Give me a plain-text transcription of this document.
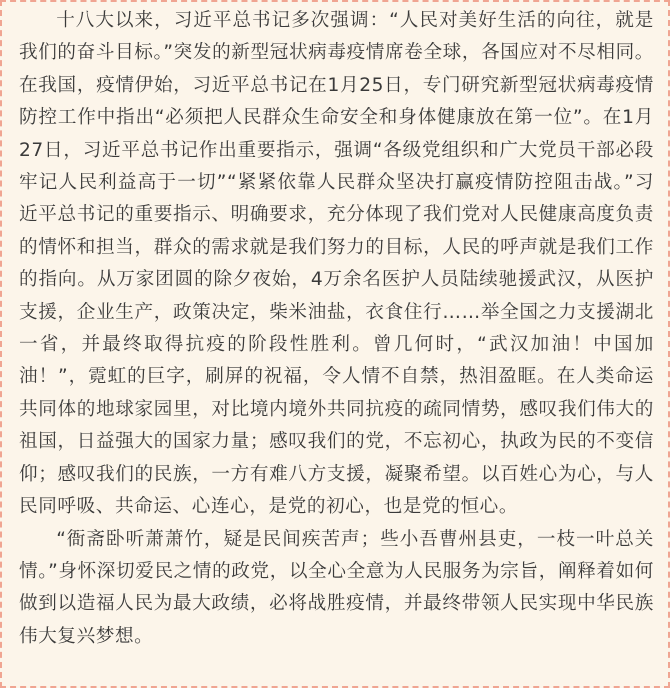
十八大以来，习近平总书记多次强调：“人民对美好生活的向往，就是我们的奋斗目标。”突发的新型冠状病毒疫情席卷全球，各国应对不尽相同。在我国，疫情伊始，习近平总书记在1月25日，专门研究新型冠状病毒疫情防控工作中指出“必须把人民群众生命安全和身体健康放在第一位”。在1月27日，习近平总书记作出重要指示，强调“各级党组织和广大党员干部必段牢记人民利益高于一切”“紧紧依靠人民群众坚决打赢疫情防控阻击战。”习近平总书记的重要指示、明确要求，充分体现了我们党对人民健康高度负责的情怀和担当，群众的需求就是我们努力的目标，人民的呼声就是我们工作的指向。从万家团圆的除夕夜始，4万余名医护人员陆续驰援武汉，从医护支援，企业生产，政策决定，柴米油盐，衣食住行……举全国之力支援湖北一省，并最终取得抗疫的阶段性胜利。曾几何时，“武汉加油！中国加油！”，霓虹的巨字，刷屏的祝福，令人情不自禁，热泪盈眶。在人类命运共同体的地球家园里，对比境内境外共同抗疫的疏同情势，感叹我们伟大的祖国，日益强大的国家力量；感叹我们的党，不忘初心，执政为民的不变信仰；感叹我们的民族，一方有难八方支援，凝聚希望。以百姓心为心，与人民同呼吸、共命运、心连心，是党的初心，也是党的恒心。

“衙斋卧听萧萧竹，疑是民间疾苦声；些小吾曹州县吏，一枝一叶总关情。”身怀深切爱民之情的政党，以全心全意为人民服务为宗旨，阐释着如何做到以造福人民为最大政绩，必将战胜疫情，并最终带领人民实现中华民族伟大复兴梦想。
